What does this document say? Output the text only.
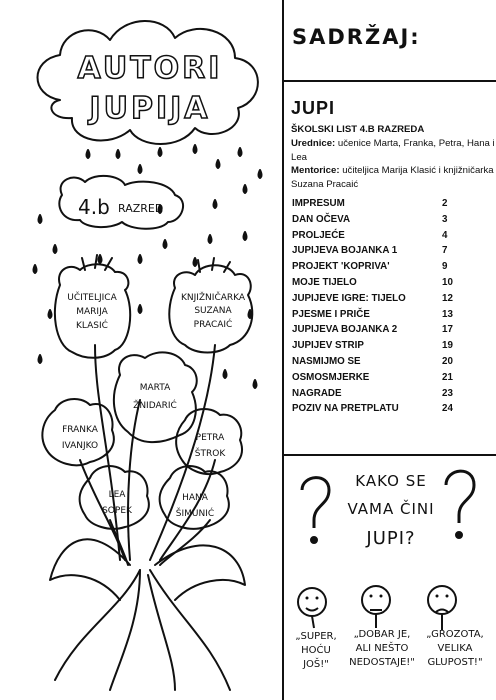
AUTORI
JUPIJA
4.b RAZRED
UČITELJICA
MARIJA
KLASIĆ
KNJIŽNIČARKA
SUZANA
PRACAIĆ
MARTA
ŽNIDARIĆ
FRANKA
IVANJKO
PETRA
ŠTROK
LEA
SOPEK
HANA
ŠIMUNIĆ
SADRŽAJ:
JUPI
ŠKOLSKI LIST 4.B RAZREDA
Urednice: učenice Marta, Franka, Petra, Hana i Lea
Mentorice: učiteljica Marija Klasić i knjižničarka Suzana Pracaić
IMPRESUM	2
DAN OČEVA	3
PROLJEĆE	4
JUPIJEVA BOJANKA 1	7
PROJEKT 'KOPRIVA'	9
MOJE TIJELO	10
JUPIJEVE IGRE: TIJELO	12
PJESME I PRIČE	13
JUPIJEVA BOJANKA 2	17
JUPIJEV STRIP	19
NASMIJMO SE	20
OSMOSMJERKE	21
NAGRADE	23
POZIV NA PRETPLATU	24
KAKO SE
VAMA ČINI
JUPI?
„SUPER,
HOĆU
JOŠ!"
„DOBAR JE,
ALI NEŠTO
NEDOSTAJE!"
„GROZOTA,
VELIKA
GLUPOST!"
